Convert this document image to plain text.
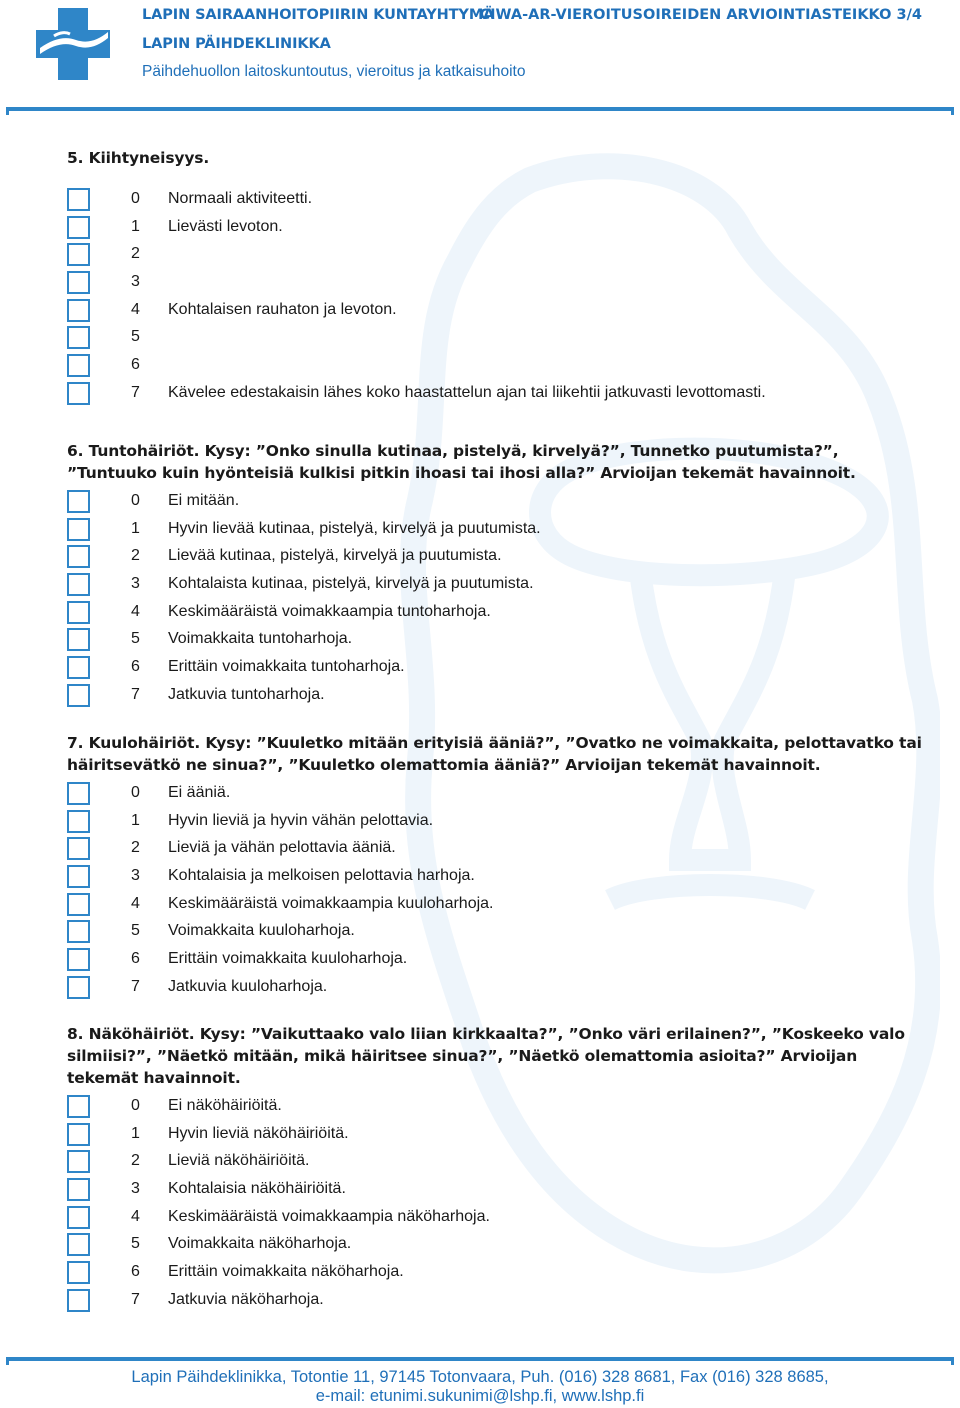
LAPIN SAIRAANHOITOPIIRIN KUNTAYHTYMÄ
LAPIN PÄIHDEKLINIKKA
Päihdehuollon laitoskuntoutus, vieroitus ja katkaisuhoito
CIWA-AR-VIEROITUSOIREIDEN ARVIOINTIASTEIKKO 3/4
5. Kiihtyneisyys.
0 Normaali aktiviteetti.
1 Lievästi levoton.
2
3
4 Kohtalaisen rauhaton ja levoton.
5
6
7 Kävelee edestakaisin lähes koko haastattelun ajan tai liikehtii jatkuvasti levottomasti.
6. Tuntohäiriöt. Kysy: ”Onko sinulla kutinaa, pistelyä, kirvelyä?”, Tunnetko puutumista?”, ”Tuntuuko kuin hyönteisiä kulkisi pitkin ihoasi tai ihosi alla?” Arvioijan tekemät havainnoit.
0 Ei mitään.
1 Hyvin lievää kutinaa, pistelyä, kirvelyä ja puutumista.
2 Lievää kutinaa, pistelyä, kirvelyä ja puutumista.
3 Kohtalaista kutinaa, pistelyä, kirvelyä ja puutumista.
4 Keskimääräistä voimakkaampia tuntoharhoja.
5 Voimakkaita tuntoharhoja.
6 Erittäin voimakkaita tuntoharhoja.
7 Jatkuvia tuntoharhoja.
7. Kuulohäiriöt. Kysy: ”Kuuletko mitään erityisiä ääniä?”, ”Ovatko ne voimakkaita, pelottavatko tai häiritsevätkö ne sinua?”, ”Kuuletko olemattomia ääniä?” Arvioijan tekemät havainnoit.
0 Ei ääniä.
1 Hyvin lieviä ja hyvin vähän pelottavia.
2 Lieviä ja vähän pelottavia ääniä.
3 Kohtalaisia ja melkoisen pelottavia harhoja.
4 Keskimääräistä voimakkaampia kuuloharhoja.
5 Voimakkaita kuuloharhoja.
6 Erittäin voimakkaita kuuloharhoja.
7 Jatkuvia kuuloharhoja.
8. Näköhäiriöt. Kysy: ”Vaikuttaako valo liian kirkkaalta?”, ”Onko väri erilainen?”, ”Koskeeko valo silmiisi?”, ”Näetkö mitään, mikä häiritsee sinua?”, ”Näetkö olemattomia asioita?” Arvioijan tekemät havainnoit.
0 Ei näköhäiriöitä.
1 Hyvin lieviä näköhäiriöitä.
2 Lieviä näköhäiriöitä.
3 Kohtalaisia näköhäiriöitä.
4 Keskimääräistä voimakkaampia näköharhoja.
5 Voimakkaita näköharhoja.
6 Erittäin voimakkaita näköharhoja.
7 Jatkuvia näköharhoja.
Lapin Päihdeklinikka, Totontie 11, 97145 Totonvaara, Puh. (016) 328 8681, Fax (016) 328 8685,
e-mail: etunimi.sukunimi@lshp.fi, www.lshp.fi
